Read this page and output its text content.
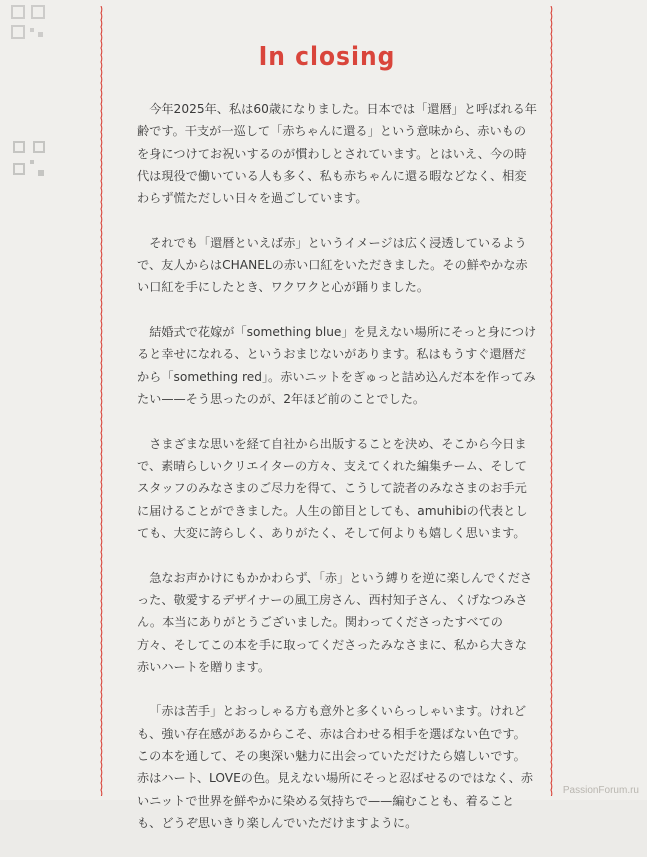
In closing

今年2025年、私は60歳になりました。日本では「還暦」と呼ばれる年齢です。干支が一巡して「赤ちゃんに還る」という意味から、赤いものを身につけてお祝いするのが慣わしとされています。とはいえ、今の時代は現役で働いている人も多く、私も赤ちゃんに還る暇などなく、相変わらず慌ただしい日々を過ごしています。

それでも「還暦といえば赤」というイメージは広く浸透しているようで、友人からはCHANELの赤い口紅をいただきました。その鮮やかな赤い口紅を手にしたとき、ワクワクと心が踊りました。

結婚式で花嫁が「something blue」を見えない場所にそっと身につけると幸せになれる、というおまじないがあります。私はもうすぐ還暦だから「something red」。赤いニットをぎゅっと詰め込んだ本を作ってみたい——そう思ったのが、2年ほど前のことでした。

さまざまな思いを経て自社から出版することを決め、そこから今日まで、素晴らしいクリエイターの方々、支えてくれた編集チーム、そしてスタッフのみなさまのご尽力を得て、こうして読者のみなさまのお手元に届けることができました。人生の節目としても、amuhibiの代表としても、大変に誇らしく、ありがたく、そして何よりも嬉しく思います。

急なお声かけにもかかわらず、「赤」という縛りを逆に楽しんでくださった、敬愛するデザイナーの風工房さん、西村知子さん、くげなつみさん。本当にありがとうございました。関わってくださったすべての方々、そしてこの本を手に取ってくださったみなさまに、私から大きな赤いハートを贈ります。

「赤は苦手」とおっしゃる方も意外と多くいらっしゃいます。けれども、強い存在感があるからこそ、赤は合わせる相手を選ばない色です。この本を通して、その奥深い魅力に出会っていただけたら嬉しいです。赤はハート、LOVEの色。見えない場所にそっと忍ばせるのではなく、赤いニットで世界を鮮やかに染める気持ちで——編むことも、着ることも、どうぞ思いきり楽しんでいただけますように。

PassionForum.ru
